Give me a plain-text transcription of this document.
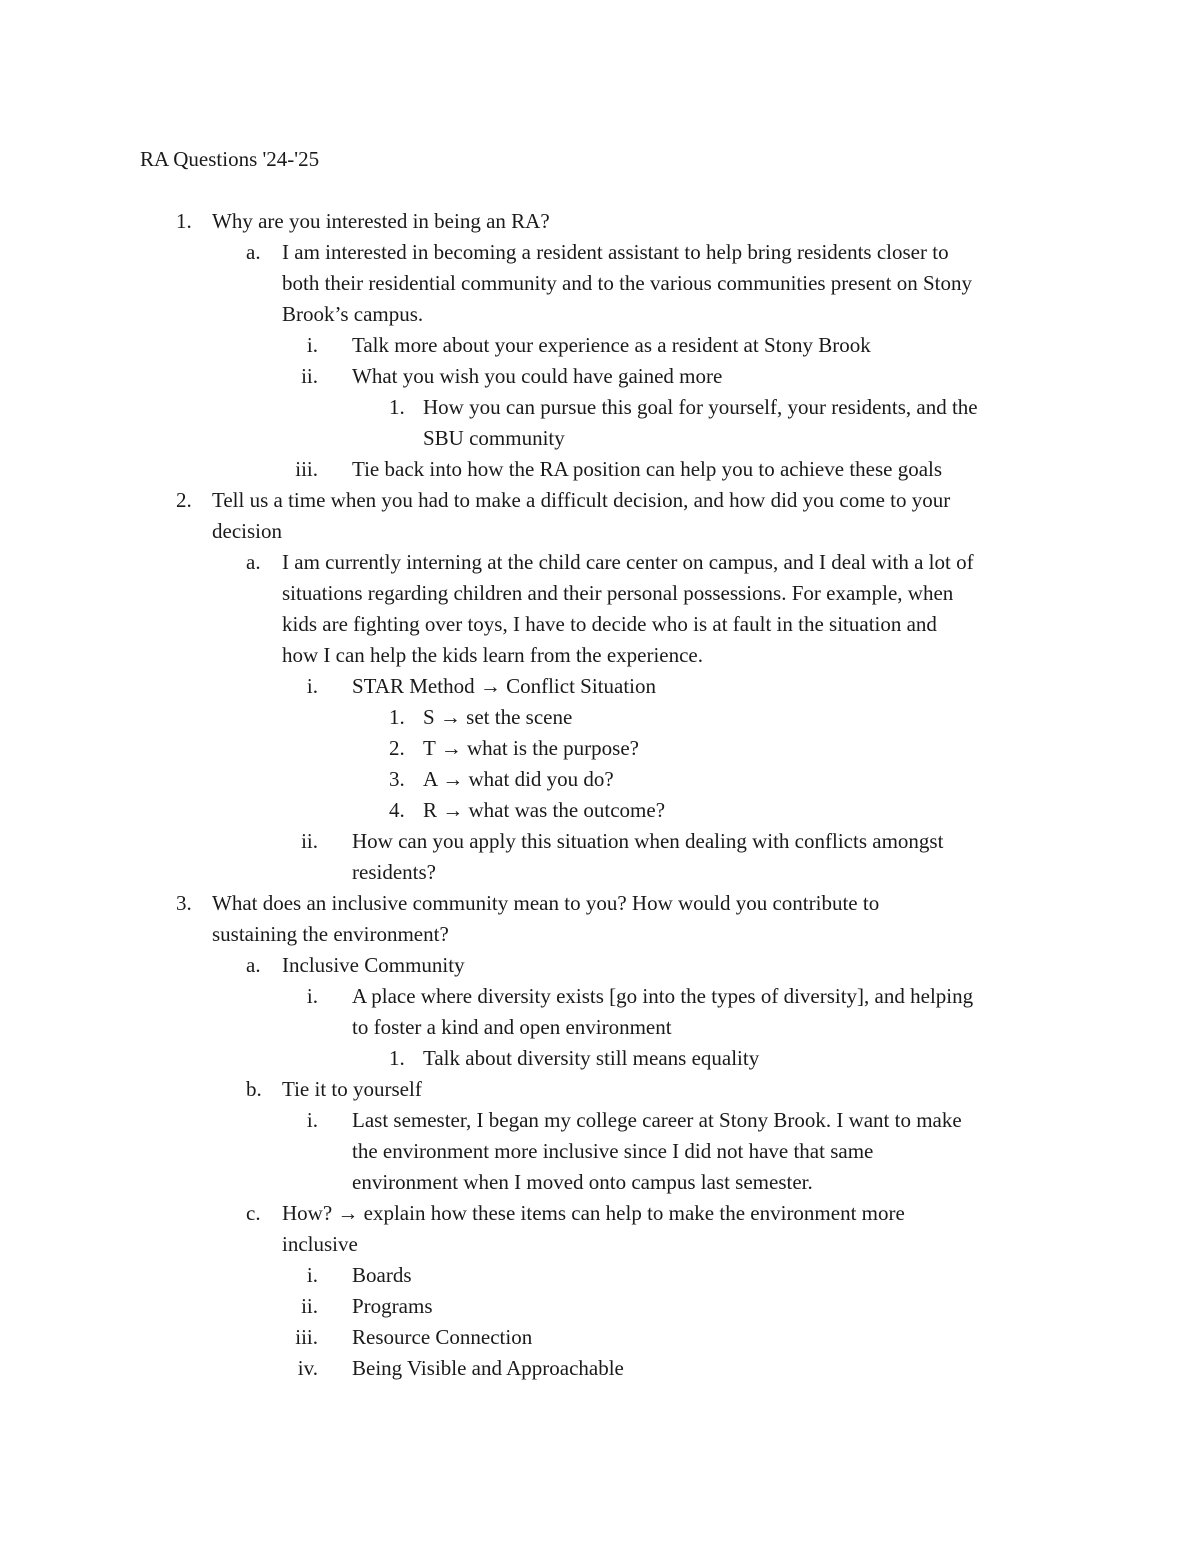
RA Questions '24-'25
1. Why are you interested in being an RA?
a. I am interested in becoming a resident assistant to help bring residents closer to
both their residential community and to the various communities present on Stony
Brook’s campus.
i. Talk more about your experience as a resident at Stony Brook
ii. What you wish you could have gained more
1. How you can pursue this goal for yourself, your residents, and the
SBU community
iii. Tie back into how the RA position can help you to achieve these goals
2. Tell us a time when you had to make a difficult decision, and how did you come to your
decision
a. I am currently interning at the child care center on campus, and I deal with a lot of
situations regarding children and their personal possessions. For example, when
kids are fighting over toys, I have to decide who is at fault in the situation and
how I can help the kids learn from the experience.
i. STAR Method → Conflict Situation
1. S → set the scene
2. T → what is the purpose?
3. A → what did you do?
4. R → what was the outcome?
ii. How can you apply this situation when dealing with conflicts amongst
residents?
3. What does an inclusive community mean to you? How would you contribute to
sustaining the environment?
a. Inclusive Community
i. A place where diversity exists [go into the types of diversity], and helping
to foster a kind and open environment
1. Talk about diversity still means equality
b. Tie it to yourself
i. Last semester, I began my college career at Stony Brook. I want to make
the environment more inclusive since I did not have that same
environment when I moved onto campus last semester.
c. How? → explain how these items can help to make the environment more
inclusive
i. Boards
ii. Programs
iii. Resource Connection
iv. Being Visible and Approachable
